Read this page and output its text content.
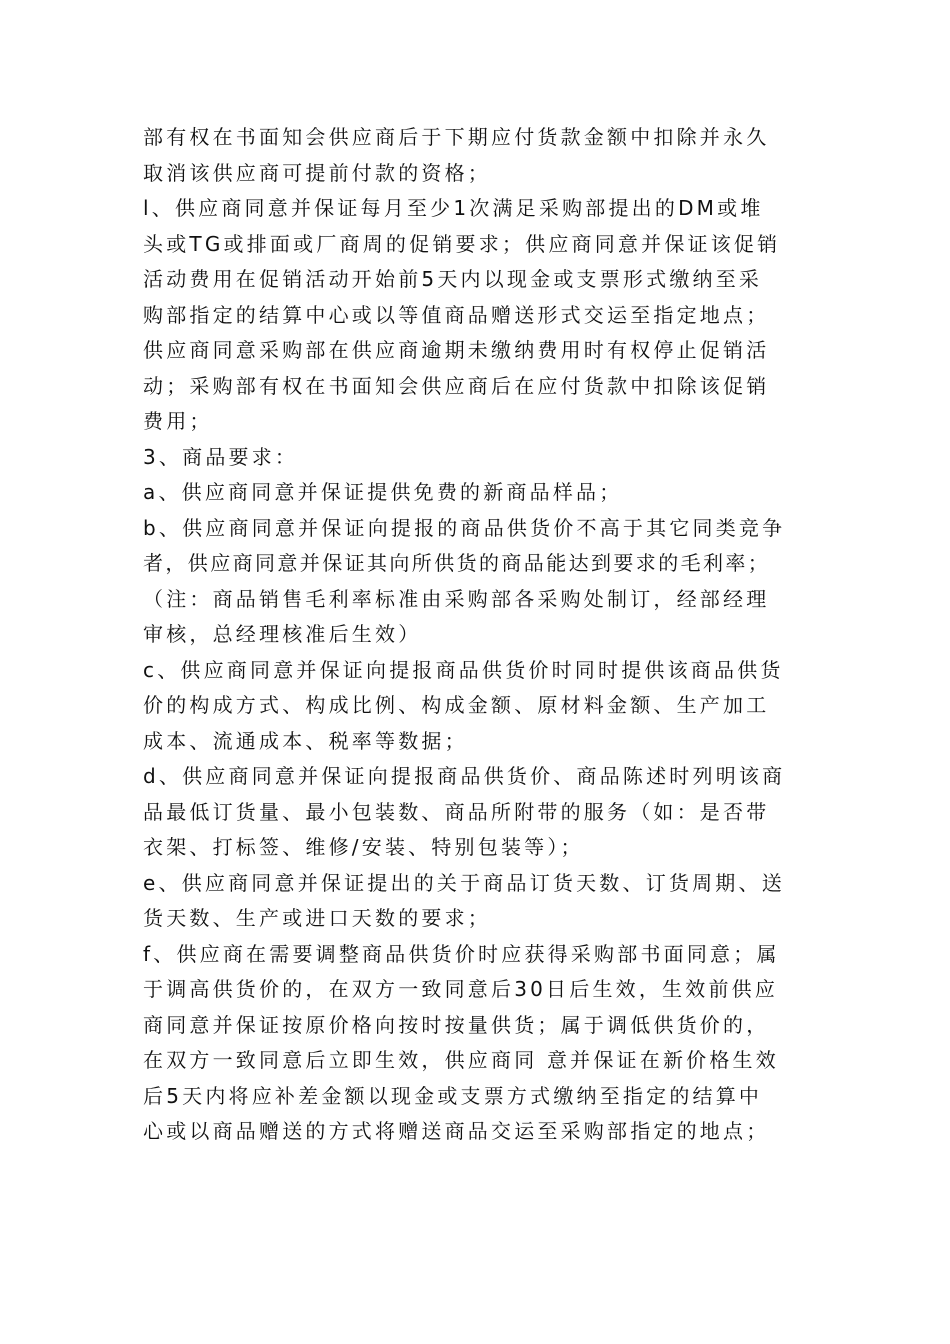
部有权在书面知会供应商后于下期应付货款金额中扣除并永久
取消该供应商可提前付款的资格；
l、供应商同意并保证每月至少1次满足采购部提出的DM或堆
头或TG或排面或厂商周的促销要求；供应商同意并保证该促销
活动费用在促销活动开始前5天内以现金或支票形式缴纳至采
购部指定的结算中心或以等值商品赠送形式交运至指定地点；
供应商同意采购部在供应商逾期未缴纳费用时有权停止促销活
动；采购部有权在书面知会供应商后在应付货款中扣除该促销
费用；
3、商品要求：
a、供应商同意并保证提供免费的新商品样品；
b、供应商同意并保证向提报的商品供货价不高于其它同类竞争
者，供应商同意并保证其向所供货的商品能达到要求的毛利率；
（注：商品销售毛利率标准由采购部各采购处制订，经部经理
审核，总经理核准后生效）
c、供应商同意并保证向提报商品供货价时同时提供该商品供货
价的构成方式、构成比例、构成金额、原材料金额、生产加工
成本、流通成本、税率等数据；
d、供应商同意并保证向提报商品供货价、商品陈述时列明该商
品最低订货量、最小包装数、商品所附带的服务（如：是否带
衣架、打标签、维修/安装、特别包装等）；
e、供应商同意并保证提出的关于商品订货天数、订货周期、送
货天数、生产或进口天数的要求；
f、供应商在需要调整商品供货价时应获得采购部书面同意；属
于调高供货价的，在双方一致同意后30日后生效，生效前供应
商同意并保证按原价格向按时按量供货；属于调低供货价的，
在双方一致同意后立即生效，供应商同 意并保证在新价格生效
后5天内将应补差金额以现金或支票方式缴纳至指定的结算中
心或以商品赠送的方式将赠送商品交运至采购部指定的地点；
